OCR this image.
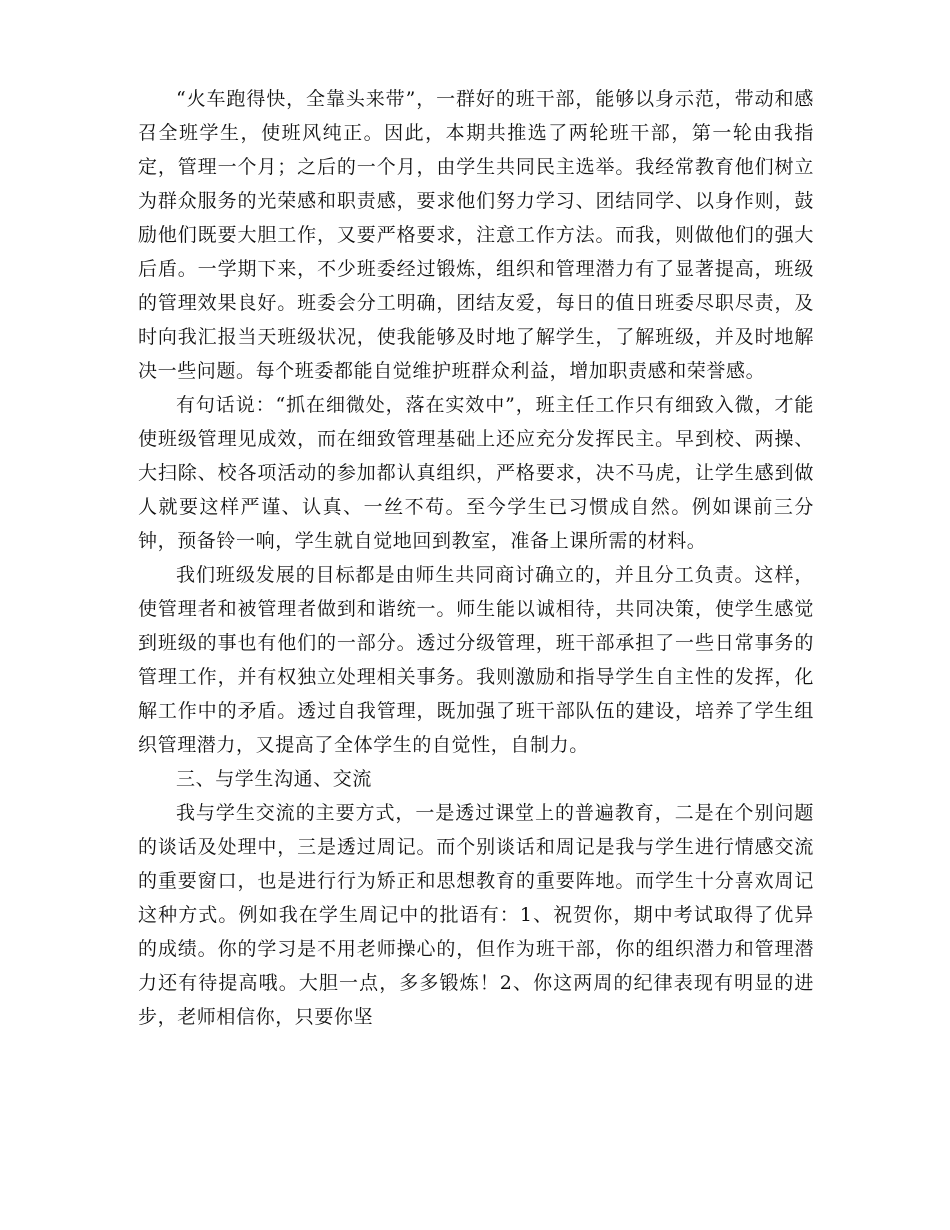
“火车跑得快，全靠头来带”，一群好的班干部，能够以身示范，带动和感召全班学生，使班风纯正。因此，本期共推选了两轮班干部，第一轮由我指定，管理一个月；之后的一个月，由学生共同民主选举。我经常教育他们树立为群众服务的光荣感和职责感，要求他们努力学习、团结同学、以身作则，鼓励他们既要大胆工作，又要严格要求，注意工作方法。而我，则做他们的强大后盾。一学期下来，不少班委经过锻炼，组织和管理潜力有了显著提高，班级的管理效果良好。班委会分工明确，团结友爱，每日的值日班委尽职尽责，及时向我汇报当天班级状况，使我能够及时地了解学生，了解班级，并及时地解决一些问题。每个班委都能自觉维护班群众利益，增加职责感和荣誉感。

有句话说：“抓在细微处，落在实效中”，班主任工作只有细致入微，才能使班级管理见成效，而在细致管理基础上还应充分发挥民主。早到校、两操、大扫除、校各项活动的参加都认真组织，严格要求，决不马虎，让学生感到做人就要这样严谨、认真、一丝不苟。至今学生已习惯成自然。例如课前三分钟，预备铃一响，学生就自觉地回到教室，准备上课所需的材料。

我们班级发展的目标都是由师生共同商讨确立的，并且分工负责。这样，使管理者和被管理者做到和谐统一。师生能以诚相待，共同决策，使学生感觉到班级的事也有他们的一部分。透过分级管理，班干部承担了一些日常事务的管理工作，并有权独立处理相关事务。我则激励和指导学生自主性的发挥，化解工作中的矛盾。透过自我管理，既加强了班干部队伍的建设，培养了学生组织管理潜力，又提高了全体学生的自觉性，自制力。

三、与学生沟通、交流

我与学生交流的主要方式，一是透过课堂上的普遍教育，二是在个别问题的谈话及处理中，三是透过周记。而个别谈话和周记是我与学生进行情感交流的重要窗口，也是进行行为矫正和思想教育的重要阵地。而学生十分喜欢周记这种方式。例如我在学生周记中的批语有：1、祝贺你，期中考试取得了优异的成绩。你的学习是不用老师操心的，但作为班干部，你的组织潜力和管理潜力还有待提高哦。大胆一点，多多锻炼！2、你这两周的纪律表现有明显的进步，老师相信你，只要你坚
